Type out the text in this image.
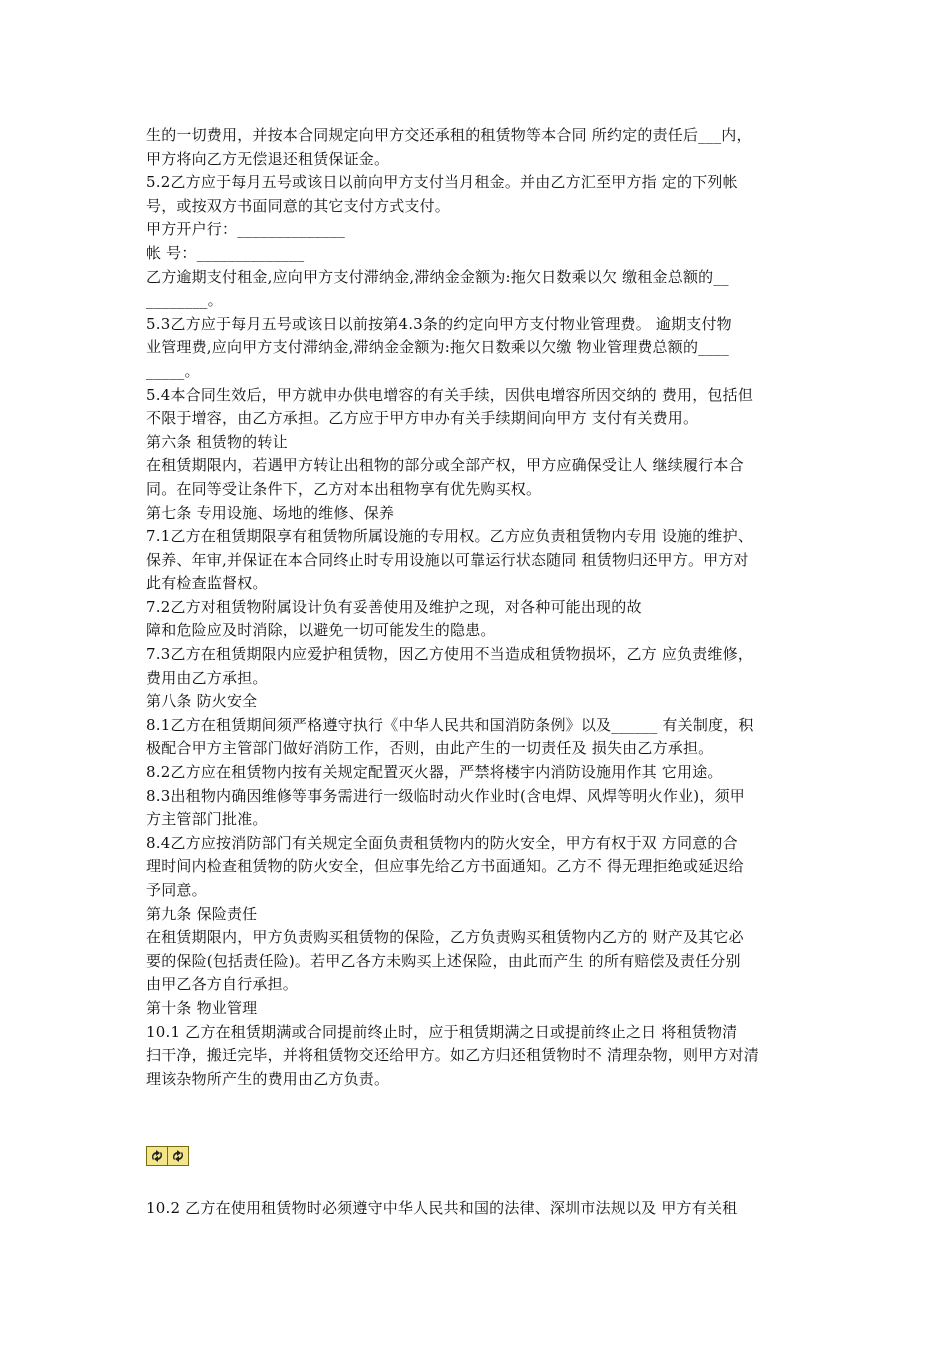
生的一切费用，并按本合同规定向甲方交还承租的租赁物等本合同 所约定的责任后___内，
甲方将向乙方无偿退还租赁保证金。
5.2乙方应于每月五号或该日以前向甲方支付当月租金。并由乙方汇至甲方指 定的下列帐
号，或按双方书面同意的其它支付方式支付。
甲方开户行：______________
帐 号：______________
乙方逾期支付租金,应向甲方支付滞纳金,滞纳金金额为:拖欠日数乘以欠 缴租金总额的__
________。
5.3乙方应于每月五号或该日以前按第4.3条的约定向甲方支付物业管理费。 逾期支付物
业管理费,应向甲方支付滞纳金,滞纳金金额为:拖欠日数乘以欠缴 物业管理费总额的____
_____。
5.4本合同生效后，甲方就申办供电增容的有关手续，因供电增容所因交纳的 费用，包括但
不限于增容，由乙方承担。乙方应于甲方申办有关手续期间向甲方 支付有关费用。
第六条 租赁物的转让
在租赁期限内，若遇甲方转让出租物的部分或全部产权，甲方应确保受让人 继续履行本合
同。在同等受让条件下，乙方对本出租物享有优先购买权。
第七条 专用设施、场地的维修、保养
7.1乙方在租赁期限享有租赁物所属设施的专用权。乙方应负责租赁物内专用 设施的维护、
保养、年审,并保证在本合同终止时专用设施以可靠运行状态随同 租赁物归还甲方。甲方对
此有检查监督权。
7.2乙方对租赁物附属设计负有妥善使用及维护之现，对各种可能出现的故
障和危险应及时消除，以避免一切可能发生的隐患。
7.3乙方在租赁期限内应爱护租赁物，因乙方使用不当造成租赁物损坏，乙方 应负责维修，
费用由乙方承担。
第八条 防火安全
8.1乙方在租赁期间须严格遵守执行《中华人民共和国消防条例》以及______ 有关制度，积
极配合甲方主管部门做好消防工作，否则，由此产生的一切责任及 损失由乙方承担。
8.2乙方应在租赁物内按有关规定配置灭火器，严禁将楼宇内消防设施用作其 它用途。
8.3出租物内确因维修等事务需进行一级临时动火作业时(含电焊、风焊等明火作业)，须甲
方主管部门批准。
8.4乙方应按消防部门有关规定全面负责租赁物内的防火安全，甲方有权于双 方同意的合
理时间内检查租赁物的防火安全，但应事先给乙方书面通知。乙方不 得无理拒绝或延迟给
予同意。
第九条 保险责任
在租赁期限内，甲方负责购买租赁物的保险，乙方负责购买租赁物内乙方的 财产及其它必
要的保险(包括责任险)。若甲乙各方未购买上述保险，由此而产生 的所有赔偿及责任分别
由甲乙各方自行承担。
第十条 物业管理
10.1 乙方在租赁期满或合同提前终止时，应于租赁期满之日或提前终止之日 将租赁物清
扫干净，搬迁完毕，并将租赁物交还给甲方。如乙方归还租赁物时不 清理杂物，则甲方对清
理该杂物所产生的费用由乙方负责。
10.2 乙方在使用租赁物时必须遵守中华人民共和国的法律、深圳市法规以及 甲方有关租
